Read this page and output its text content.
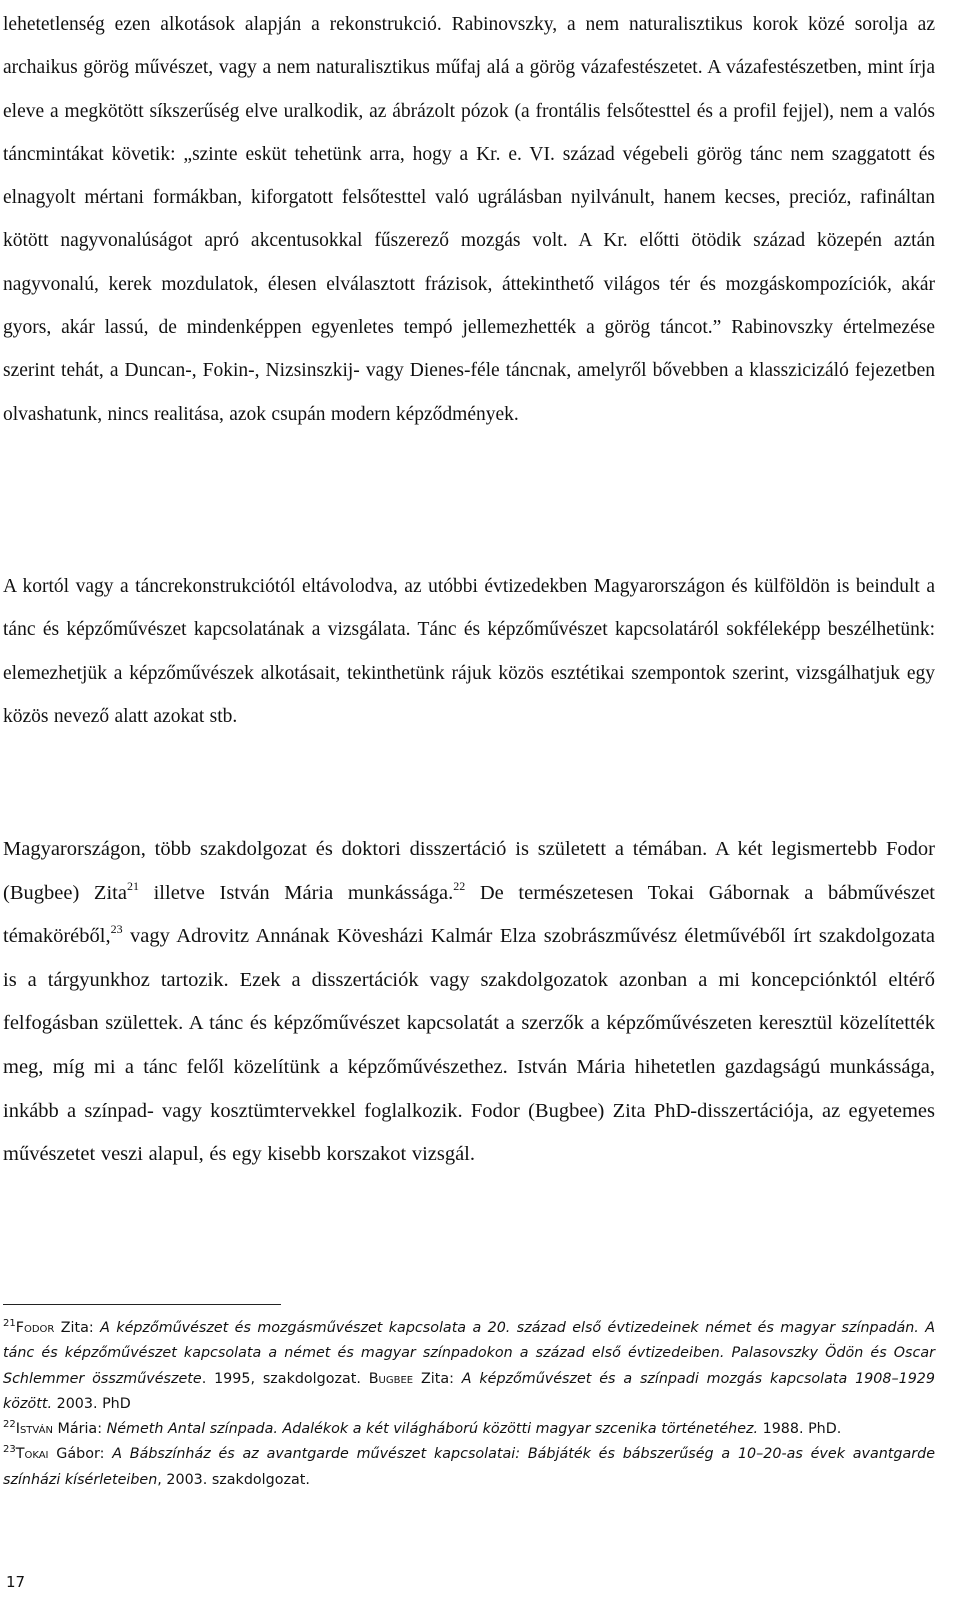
lehetetlenség ezen alkotások alapján a rekonstrukció. Rabinovszky, a nem naturalisztikus korok közé sorolja az archaikus görög művészet, vagy a nem naturalisztikus műfaj alá a görög vázafestészetet. A vázafestészetben, mint írja eleve a megkötött síkszerűség elve uralkodik, az ábrázolt pózok (a frontális felsőtesttel és a profil fejjel), nem a valós táncmintákat követik: „szinte esküt tehetünk arra, hogy a Kr. e. VI. század végebeli görög tánc nem szaggatott és elnagyolt mértani formákban, kiforgatott felsőtesttel való ugrálásban nyilvánult, hanem kecses, precióz, rafináltan kötött nagyvonalúságot apró akcentusokkal fűszerező mozgás volt. A Kr. előtti ötödik század közepén aztán nagyvonalú, kerek mozdulatok, élesen elválasztott frázisok, áttekinthető világos tér és mozgáskompozíciók, akár gyors, akár lassú, de mindenképpen egyenletes tempó jellemezhették a görög táncot.” Rabinovszky értelmezése szerint tehát, a Duncan-, Fokin-, Nizsinszkij- vagy Dienes-féle táncnak, amelyről bővebben a klasszicizáló fejezetben olvashatunk, nincs realitása, azok csupán modern képződmények.

A kortól vagy a táncrekonstrukciótól eltávolodva, az utóbbi évtizedekben Magyarországon és külföldön is beindult a tánc és képzőművészet kapcsolatának a vizsgálata. Tánc és képzőművészet kapcsolatáról sokféleképp beszélhetünk: elemezhetjük a képzőművészek alkotásait, tekinthetünk rájuk közös esztétikai szempontok szerint, vizsgálhatjuk egy közös nevező alatt azokat stb.

Magyarországon, több szakdolgozat és doktori disszertáció is született a témában. A két legismertebb Fodor (Bugbee) Zita$^{21}$ illetve István Mária munkássága.$^{22}$ De természetesen Tokai Gábornak a bábművészet témaköréből,$^{23}$ vagy Adrovitz Annának Kövesházi Kalmár Elza szobrászművész életművéből írt szakdolgozata is a tárgyunkhoz tartozik. Ezek a disszertációk vagy szakdolgozatok azonban a mi koncepciónktól eltérő felfogásban születtek. A tánc és képzőművészet kapcsolatát a szerzők a képzőművészeten keresztül közelítették meg, míg mi a tánc felől közelítünk a képzőművészethez. István Mária hihetetlen gazdagságú munkássága, inkább a színpad- vagy kosztümtervekkel foglalkozik. Fodor (Bugbee) Zita PhD-disszertációja, az egyetemes művészetet veszi alapul, és egy kisebb korszakot vizsgál.

$^{21}$Fodor Zita: A képzőművészet és mozgásművészet kapcsolata a 20. század első évtizedeinek német és magyar színpadán. A tánc és képzőművészet kapcsolata a német és magyar színpadokon a század első évtizedeiben. Palasovszky Ödön és Oscar Schlemmer összművészete. 1995, szakdolgozat. Bugbee Zita: A képzőművészet és a színpadi mozgás kapcsolata 1908–1929 között. 2003. PhD

$^{22}$István Mária: Németh Antal színpada. Adalékok a két világháború közötti magyar szcenika történetéhez. 1988. PhD.

$^{23}$Tokai Gábor: A Bábszínház és az avantgarde művészet kapcsolatai: Bábjáték és bábszerűség a 10–20-as évek avantgarde színházi kísérleteiben, 2003. szakdolgozat.

17
